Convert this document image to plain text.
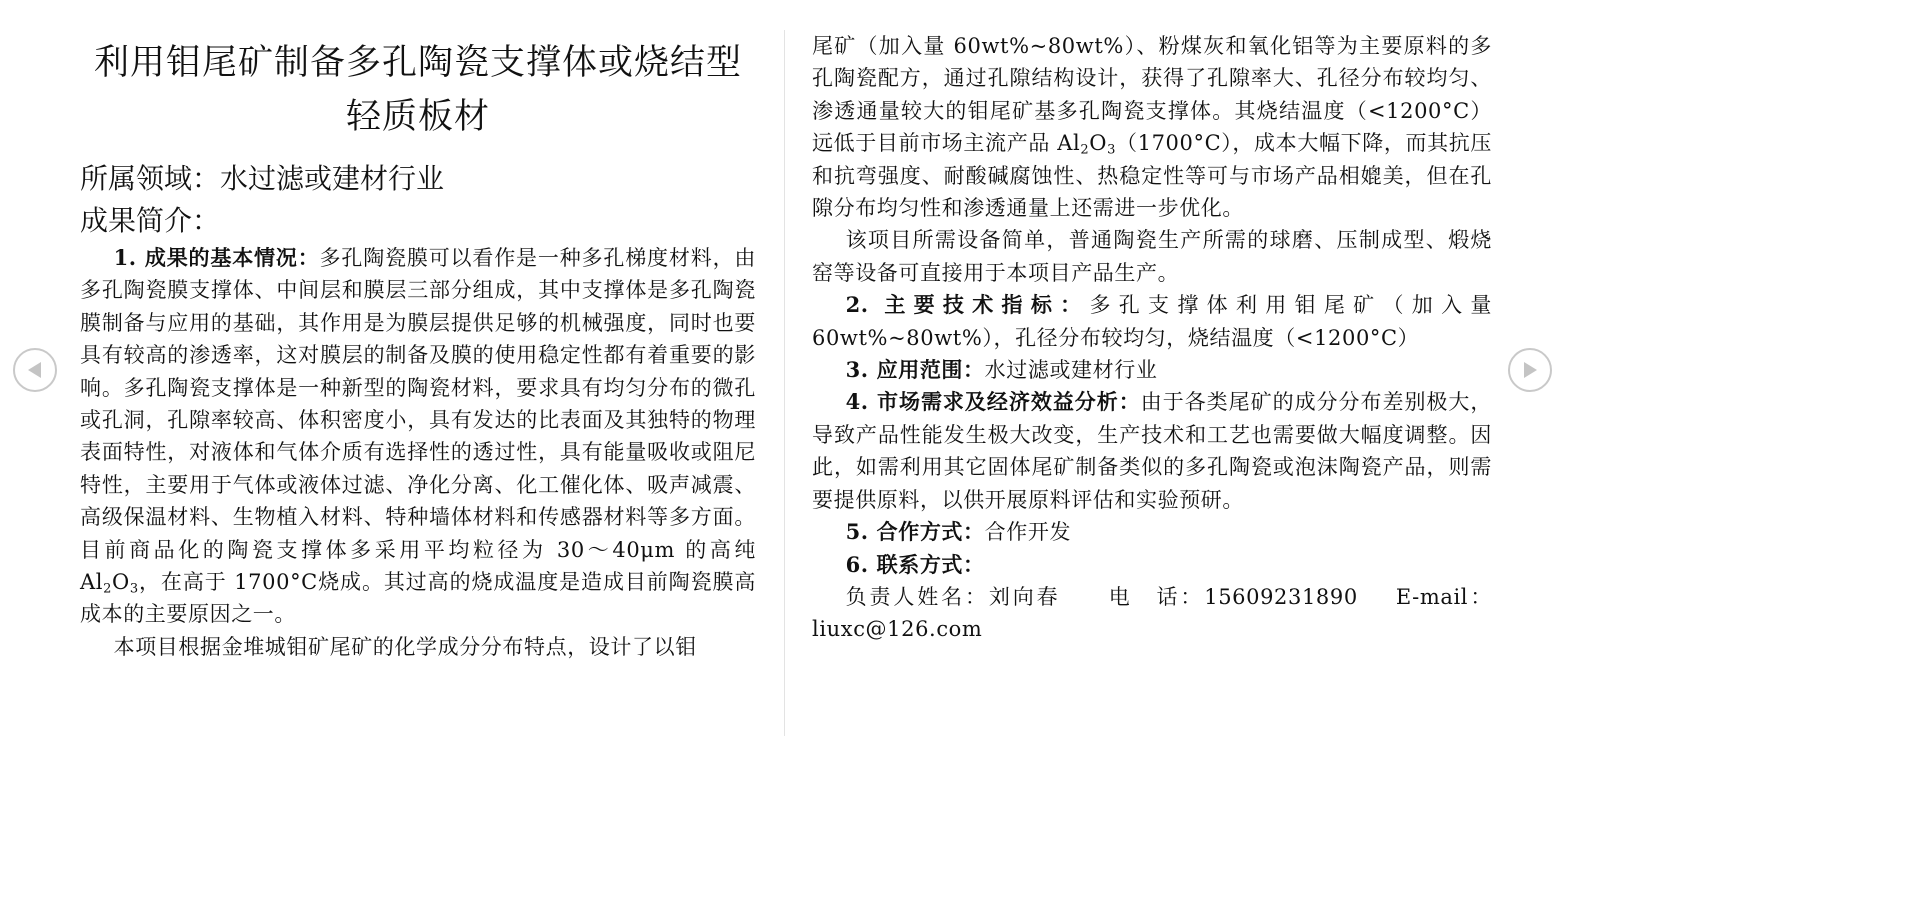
利用钼尾矿制备多孔陶瓷支撑体或烧结型轻质板材
所属领域：水过滤或建材行业
成果简介：

1. 成果的基本情况：多孔陶瓷膜可以看作是一种多孔梯度材料，由多孔陶瓷膜支撑体、中间层和膜层三部分组成，其中支撑体是多孔陶瓷膜制备与应用的基础，其作用是为膜层提供足够的机械强度，同时也要具有较高的渗透率，这对膜层的制备及膜的使用稳定性都有着重要的影响。多孔陶瓷支撑体是一种新型的陶瓷材料，要求具有均匀分布的微孔或孔洞，孔隙率较高、体积密度小，具有发达的比表面及其独特的物理表面特性，对液体和气体介质有选择性的透过性，具有能量吸收或阻尼特性，主要用于气体或液体过滤、净化分离、化工催化体、吸声减震、高级保温材料、生物植入材料、特种墙体材料和传感器材料等多方面。目前商品化的陶瓷支撑体多采用平均粒径为 30～40μm 的高纯 $Al_2O_3$，在高于 1700°C烧成。其过高的烧成温度是造成目前陶瓷膜高成本的主要原因之一。

本项目根据金堆城钼矿尾矿的化学成分分布特点，设计了以钼

尾矿（加入量 60wt%~80wt%）、粉煤灰和氧化铝等为主要原料的多孔陶瓷配方，通过孔隙结构设计，获得了孔隙率大、孔径分布较均匀、渗透通量较大的钼尾矿基多孔陶瓷支撑体。其烧结温度（<1200°C）远低于目前市场主流产品 $Al_2O_3(1700^\circ C)$，成本大幅下降，而其抗压和抗弯强度、耐酸碱腐蚀性、热稳定性等可与市场产品相媲美，但在孔隙分布均匀性和渗透通量上还需进一步优化。

该项目所需设备简单，普通陶瓷生产所需的球磨、压制成型、煅烧窑等设备可直接用于本项目产品生产。

2. 主要技术指标：多孔支撑体利用钼尾矿（加入量 60wt%~80wt%），孔径分布较均匀，烧结温度（<1200°C）

3. 应用范围：水过滤或建材行业

4. 市场需求及经济效益分析：由于各类尾矿的成分分布差别极大，导致产品性能发生极大改变，生产技术和工艺也需要做大幅度调整。因此，如需利用其它固体尾矿制备类似的多孔陶瓷或泡沫陶瓷产品，则需要提供原料，以供开展原料评估和实验预研。

5. 合作方式：合作开发

6. 联系方式：

负责人姓名：刘向春 电　话：15609231890 E-mail：liuxc@126.com
